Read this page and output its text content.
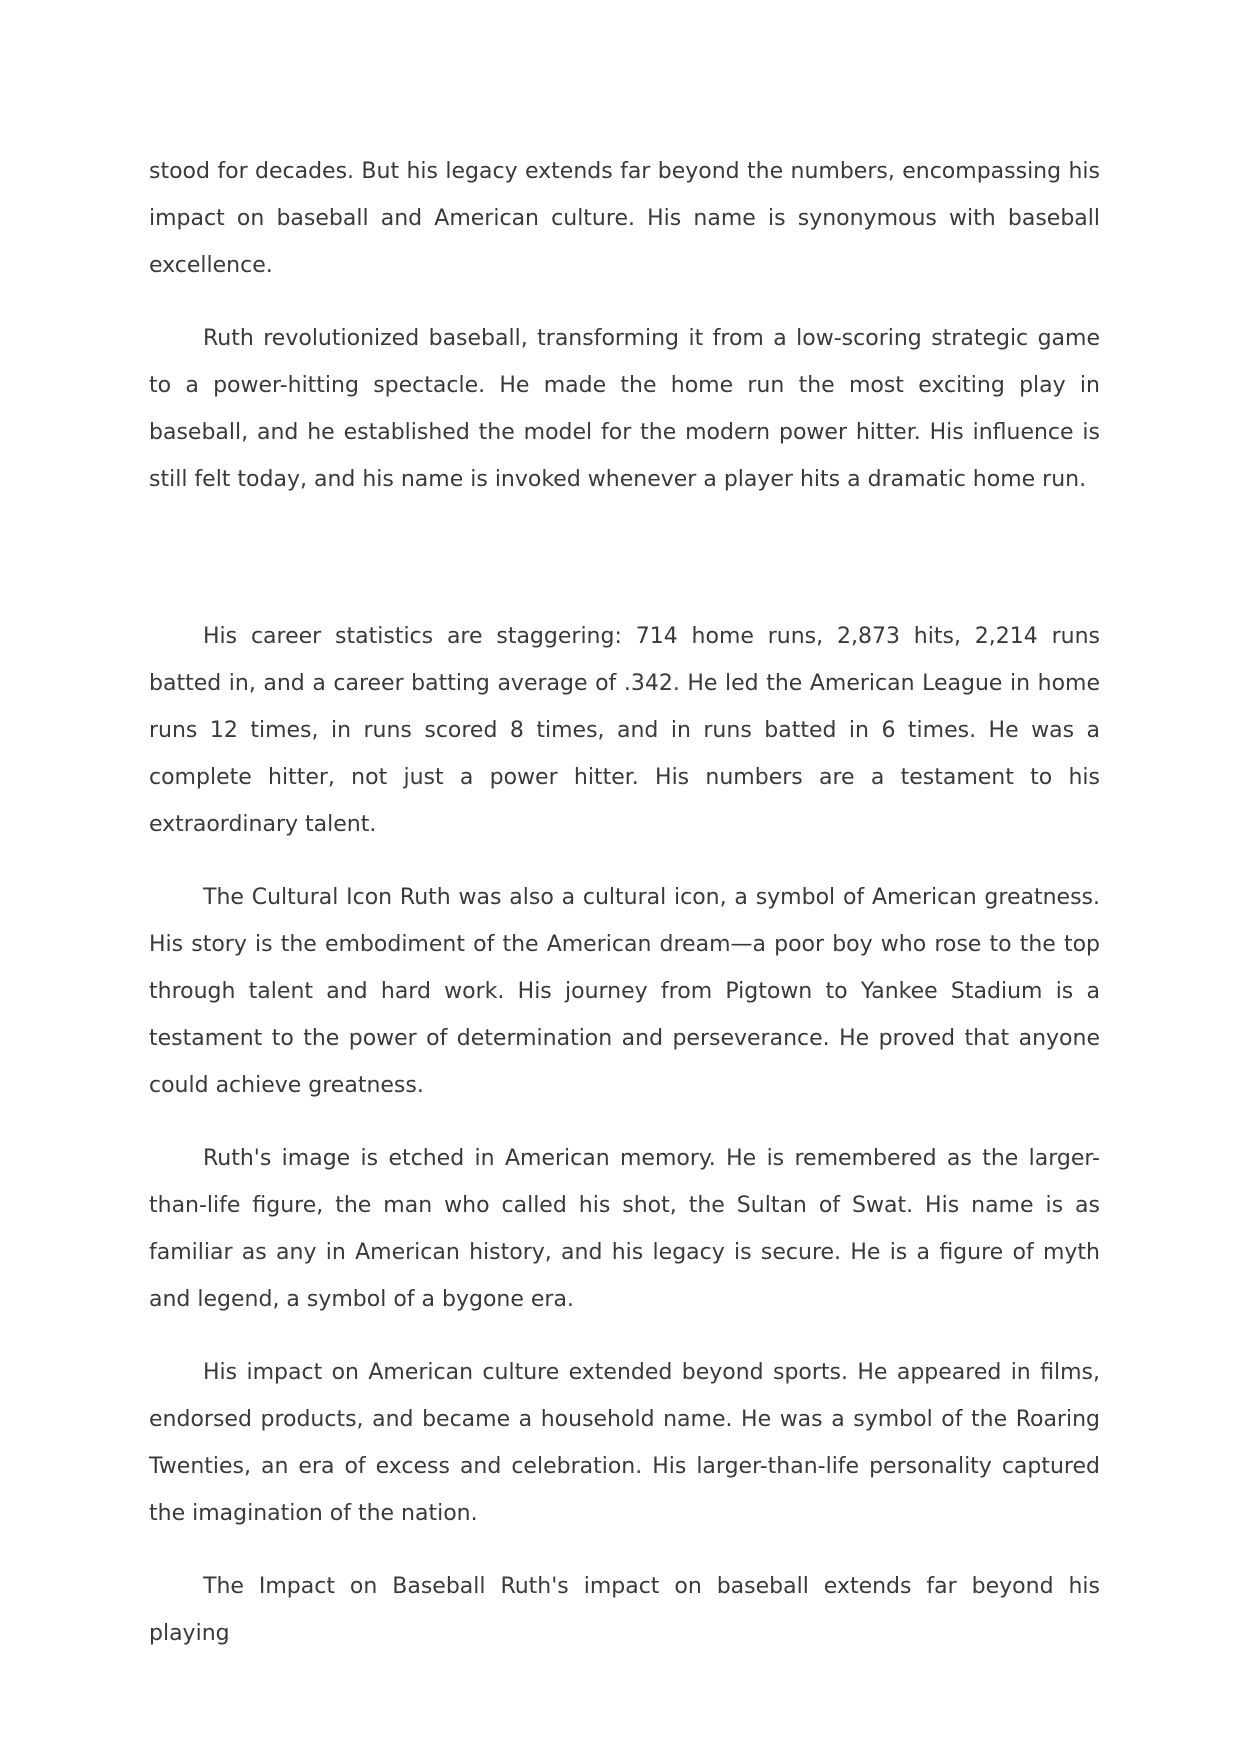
stood for decades. But his legacy extends far beyond the numbers, encompassing his impact on baseball and American culture. His name is synonymous with baseball excellence.

Ruth revolutionized baseball, transforming it from a low-scoring strategic game to a power-hitting spectacle. He made the home run the most exciting play in baseball, and he established the model for the modern power hitter. His influence is still felt today, and his name is invoked whenever a player hits a dramatic home run.

His career statistics are staggering: 714 home runs, 2,873 hits, 2,214 runs batted in, and a career batting average of .342. He led the American League in home runs 12 times, in runs scored 8 times, and in runs batted in 6 times. He was a complete hitter, not just a power hitter. His numbers are a testament to his extraordinary talent.

The Cultural Icon Ruth was also a cultural icon, a symbol of American greatness. His story is the embodiment of the American dream—a poor boy who rose to the top through talent and hard work. His journey from Pigtown to Yankee Stadium is a testament to the power of determination and perseverance. He proved that anyone could achieve greatness.

Ruth's image is etched in American memory. He is remembered as the larger-than-life figure, the man who called his shot, the Sultan of Swat. His name is as familiar as any in American history, and his legacy is secure. He is a figure of myth and legend, a symbol of a bygone era.

His impact on American culture extended beyond sports. He appeared in films, endorsed products, and became a household name. He was a symbol of the Roaring Twenties, an era of excess and celebration. His larger-than-life personality captured the imagination of the nation.

The Impact on Baseball Ruth's impact on baseball extends far beyond his playing
